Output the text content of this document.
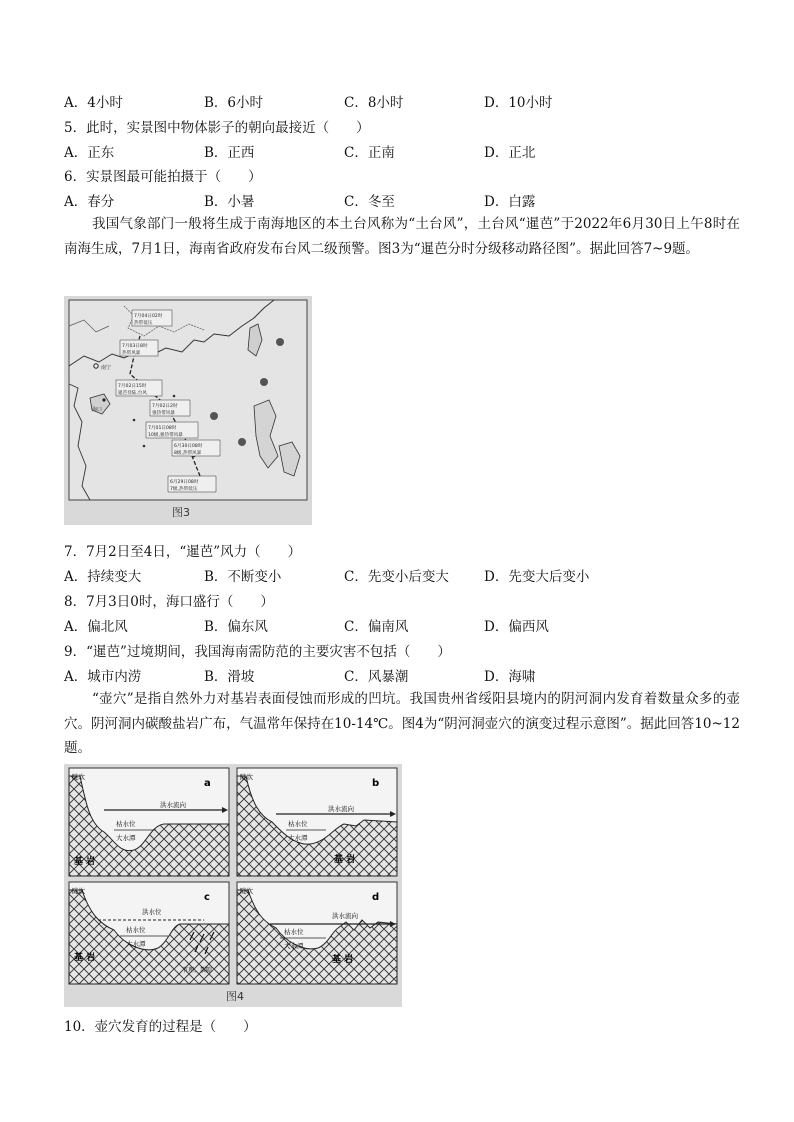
A．4小时	B．6小时	C．8小时	D．10小时
5．此时，实景图中物体影子的朝向最接近（　　）
A．正东	B．正西	C．正南	D．正北
6．实景图最可能拍摄于（　　）
A．春分	B．小暑	C．冬至	D．白露
我国气象部门一般将生成于南海地区的本土台风称为“土台风”，土台风“暹芭”于2022年6月30日上午8时在南海生成，7月1日，海南省政府发布台风二级预警。图3为“暹芭分时分级移动路径图”。据此回答7~9题。
南宁
海口
7月04日02时
热带低压
7月03日8时
热带风暴
7月02日15时
暹芭登陆,台风
7月02日2时
强热带风暴
7月01日08时
10级,强热带风暴
6月30日08时
8级,热带风暴
6月29日08时
7级,热带低压
图3
7．7月2日至4日，“暹芭”风力（　　）
A．持续变大	B．不断变小	C．先变小后变大	D．先变大后变小
8．7月3日0时，海口盛行（　　）
A．偏北风	B．偏东风	C．偏南风	D．偏西风
9．“暹芭”过境期间，我国海南需防范的主要灾害不包括（　　）
A．城市内涝	B．滑坡	C．风暴潮	D．海啸
“壶穴”是指自然外力对基岩表面侵蚀而形成的凹坑。我国贵州省绥阳县境内的阴河洞内发育着数量众多的壶穴。阴河洞内碳酸盐岩广布，气温常年保持在10-14℃。图4为“阴河洞壶穴的演变过程示意图”。据此回答10~12题。
陡坎
洪水流向
枯水位
大水潭
基 岩
a
陡坎
洪水流向
枯水位
大水潭
基 岩
b
陡坎
洪水位
枯水位
大水潭
基 岩
节理、裂隙
c
陡坎
洪水流向
枯水位
大水潭
基 岩
d
图4
10．壶穴发育的过程是（　　）
